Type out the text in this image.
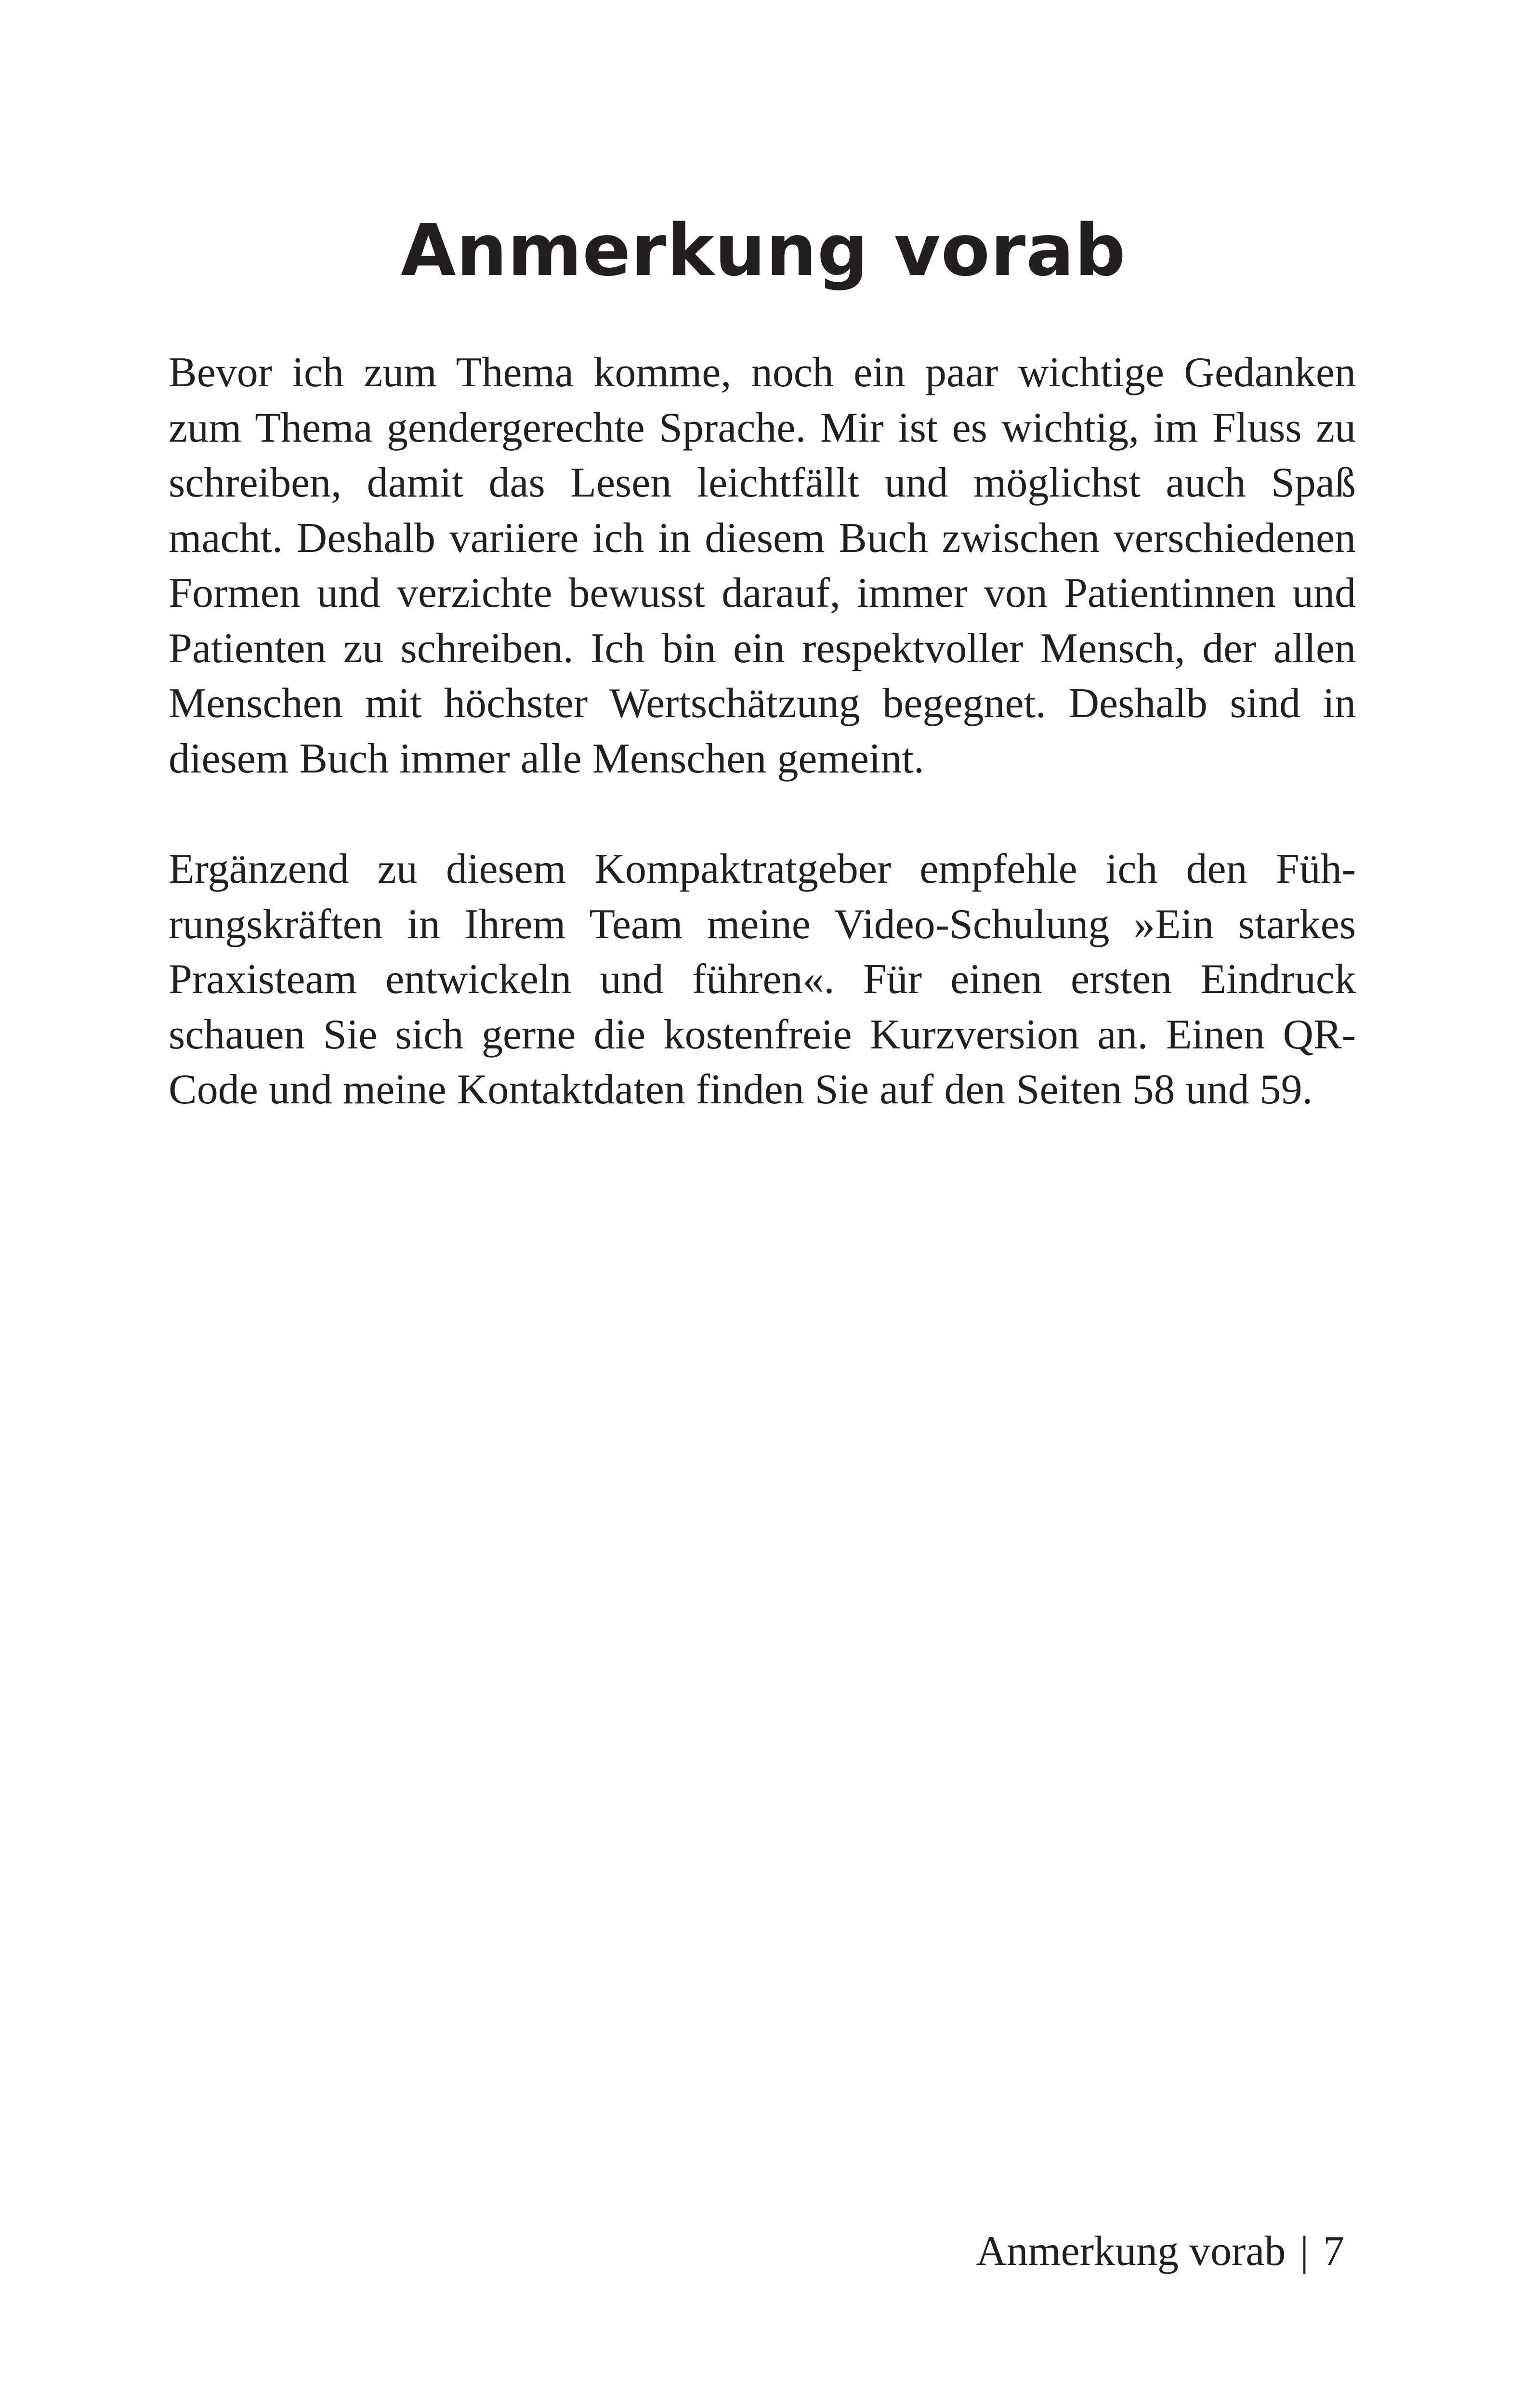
Anmerkung vorab
Bevor ich zum Thema komme, noch ein paar wichtige Gedanken
zum Thema gendergerechte Sprache. Mir ist es wichtig, im Fluss zu
schreiben, damit das Lesen leichtfällt und möglichst auch Spaß
macht. Deshalb variiere ich in diesem Buch zwischen verschiedenen
Formen und verzichte bewusst darauf, immer von Patientinnen und
Patienten zu schreiben. Ich bin ein respektvoller Mensch, der allen
Menschen mit höchster Wertschätzung begegnet. Deshalb sind in
diesem Buch immer alle Menschen gemeint.
Ergänzend zu diesem Kompaktratgeber empfehle ich den Füh-
rungskräften in Ihrem Team meine Video-Schulung »Ein starkes
Praxisteam entwickeln und führen«. Für einen ersten Eindruck
schauen Sie sich gerne die kostenfreie Kurzversion an. Einen QR-
Code und meine Kontaktdaten finden Sie auf den Seiten 58 und 59.
Anmerkung vorab | 7
